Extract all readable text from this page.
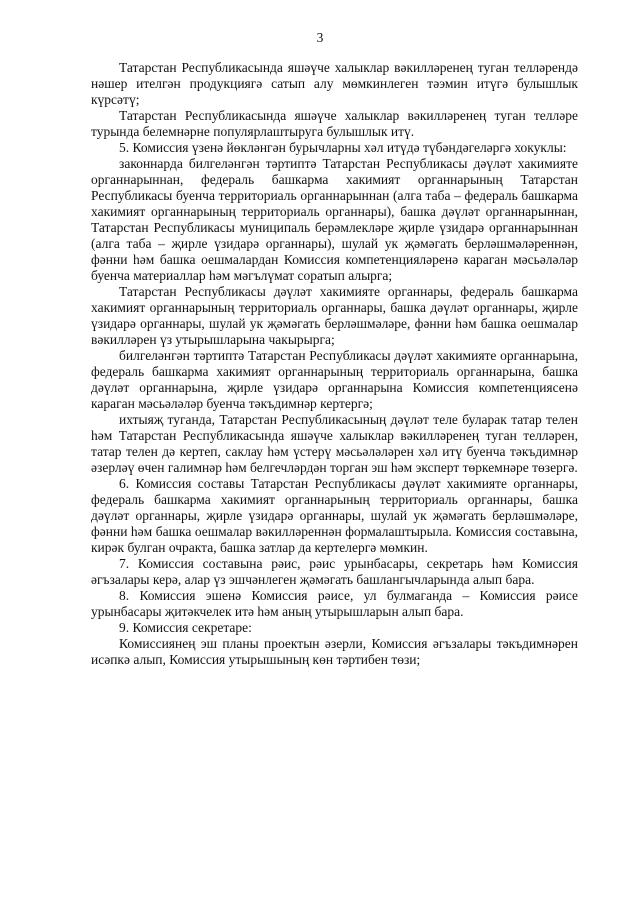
3

Татарстан Республикасында яшәүче халыклар вәкилләренең туган телләрендә нәшер ителгән продукциягә сатып алу мөмкинлеген тәэмин итүгә булышлык күрсәтү;

Татарстан Республикасында яшәүче халыклар вәкилләренең туган телләре турында белемнәрне популярлаштыруга булышлык итү.

5. Комиссия үзенә йөкләнгән бурычларны хәл итүдә түбәндәгеләргә хокуклы:

законнарда билгеләнгән тәртиптә Татарстан Республикасы дәүләт хакимияте органнарыннан, федераль башкарма хакимият органнарының Татарстан Республикасы буенча территориаль органнарыннан (алга таба – федераль башкарма хакимият органнарының территориаль органнары), башка дәүләт органнарыннан, Татарстан Республикасы муниципаль берәмлекләре җирле үзидарә органнарыннан (алга таба – җирле үзидарә органнары), шулай ук җәмәгать берләшмәләреннән, фәнни һәм башка оешмалардан Комиссия компетенцияләренә караган мәсьәләләр буенча материаллар һәм мәгълүмат соратып алырга;

Татарстан Республикасы дәүләт хакимияте органнары, федераль башкарма хакимият органнарының территориаль органнары, башка дәүләт органнары, җирле үзидарә органнары, шулай ук җәмәгать берләшмәләре, фәнни һәм башка оешмалар вәкилләрен үз утырышларына чакырырга;

билгеләнгән тәртиптә Татарстан Республикасы дәүләт хакимияте органнарына, федераль башкарма хакимият органнарының территориаль органнарына, башка дәүләт органнарына, җирле үзидарә органнарына Комиссия компетенциясенә караган мәсьәләләр буенча тәкъдимнәр кертергә;

ихтыяҗ туганда, Татарстан Республикасының дәүләт теле буларак татар телен һәм Татарстан Республикасында яшәүче халыклар вәкилләренең туган телләрен, татар телен дә кертеп, саклау һәм үстерү мәсьәләләрен хәл итү буенча тәкъдимнәр әзерләү өчен галимнәр һәм белгечләрдән торган эш һәм эксперт төркемнәре төзергә.

6. Комиссия составы Татарстан Республикасы дәүләт хакимияте органнары, федераль башкарма хакимият органнарының территориаль органнары, башка дәүләт органнары, җирле үзидарә органнары, шулай ук җәмәгать берләшмәләре, фәнни һәм башка оешмалар вәкилләреннән формалаштырыла. Комиссия составына, кирәк булган очракта, башка затлар да кертелергә мөмкин.

7. Комиссия составына рәис, рәис урынбасары, секретарь һәм Комиссия әгъзалары керә, алар үз эшчәнлеген җәмәгать башлангычларында алып бара.

8. Комиссия эшенә Комиссия рәисе, ул булмаганда – Комиссия рәисе урынбасары җитәкчелек итә һәм аның утырышларын алып бара.

9. Комиссия секретаре:

Комиссиянең эш планы проектын әзерли, Комиссия әгъзалары тәкъдимнәрен исәпкә алып, Комиссия утырышының көн тәртибен төзи;
